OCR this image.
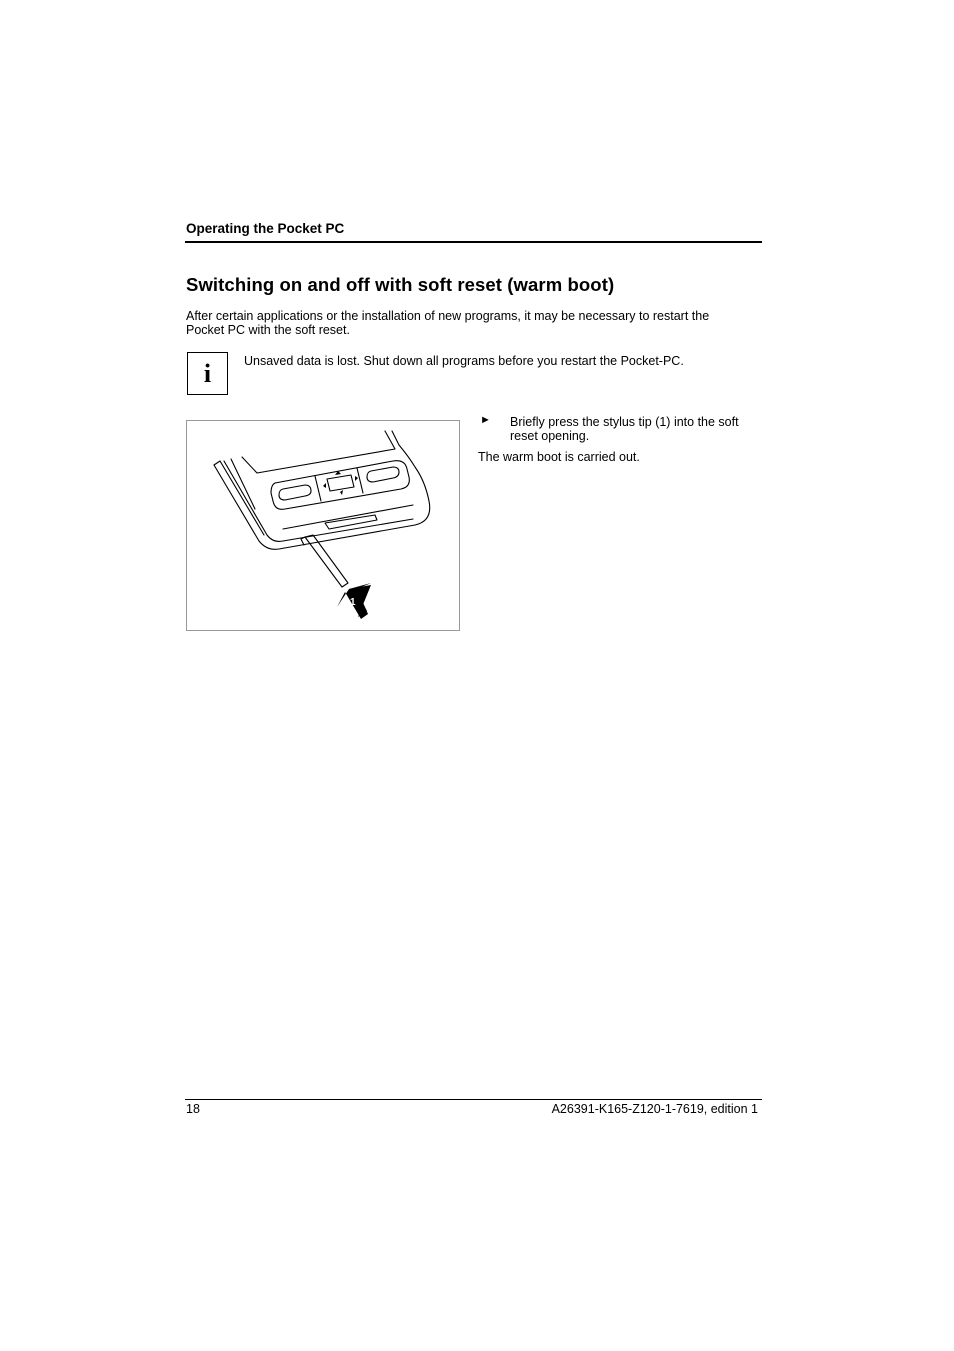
Operating the Pocket PC
Switching on and off with soft reset (warm boot)
After certain applications or the installation of new programs, it may be necessary to restart the Pocket PC with the soft reset.
i	Unsaved data is lost. Shut down all programs before you restart the Pocket-PC.
1
► Briefly press the stylus tip (1) into the soft reset opening.
The warm boot is carried out.
18	A26391-K165-Z120-1-7619, edition 1
